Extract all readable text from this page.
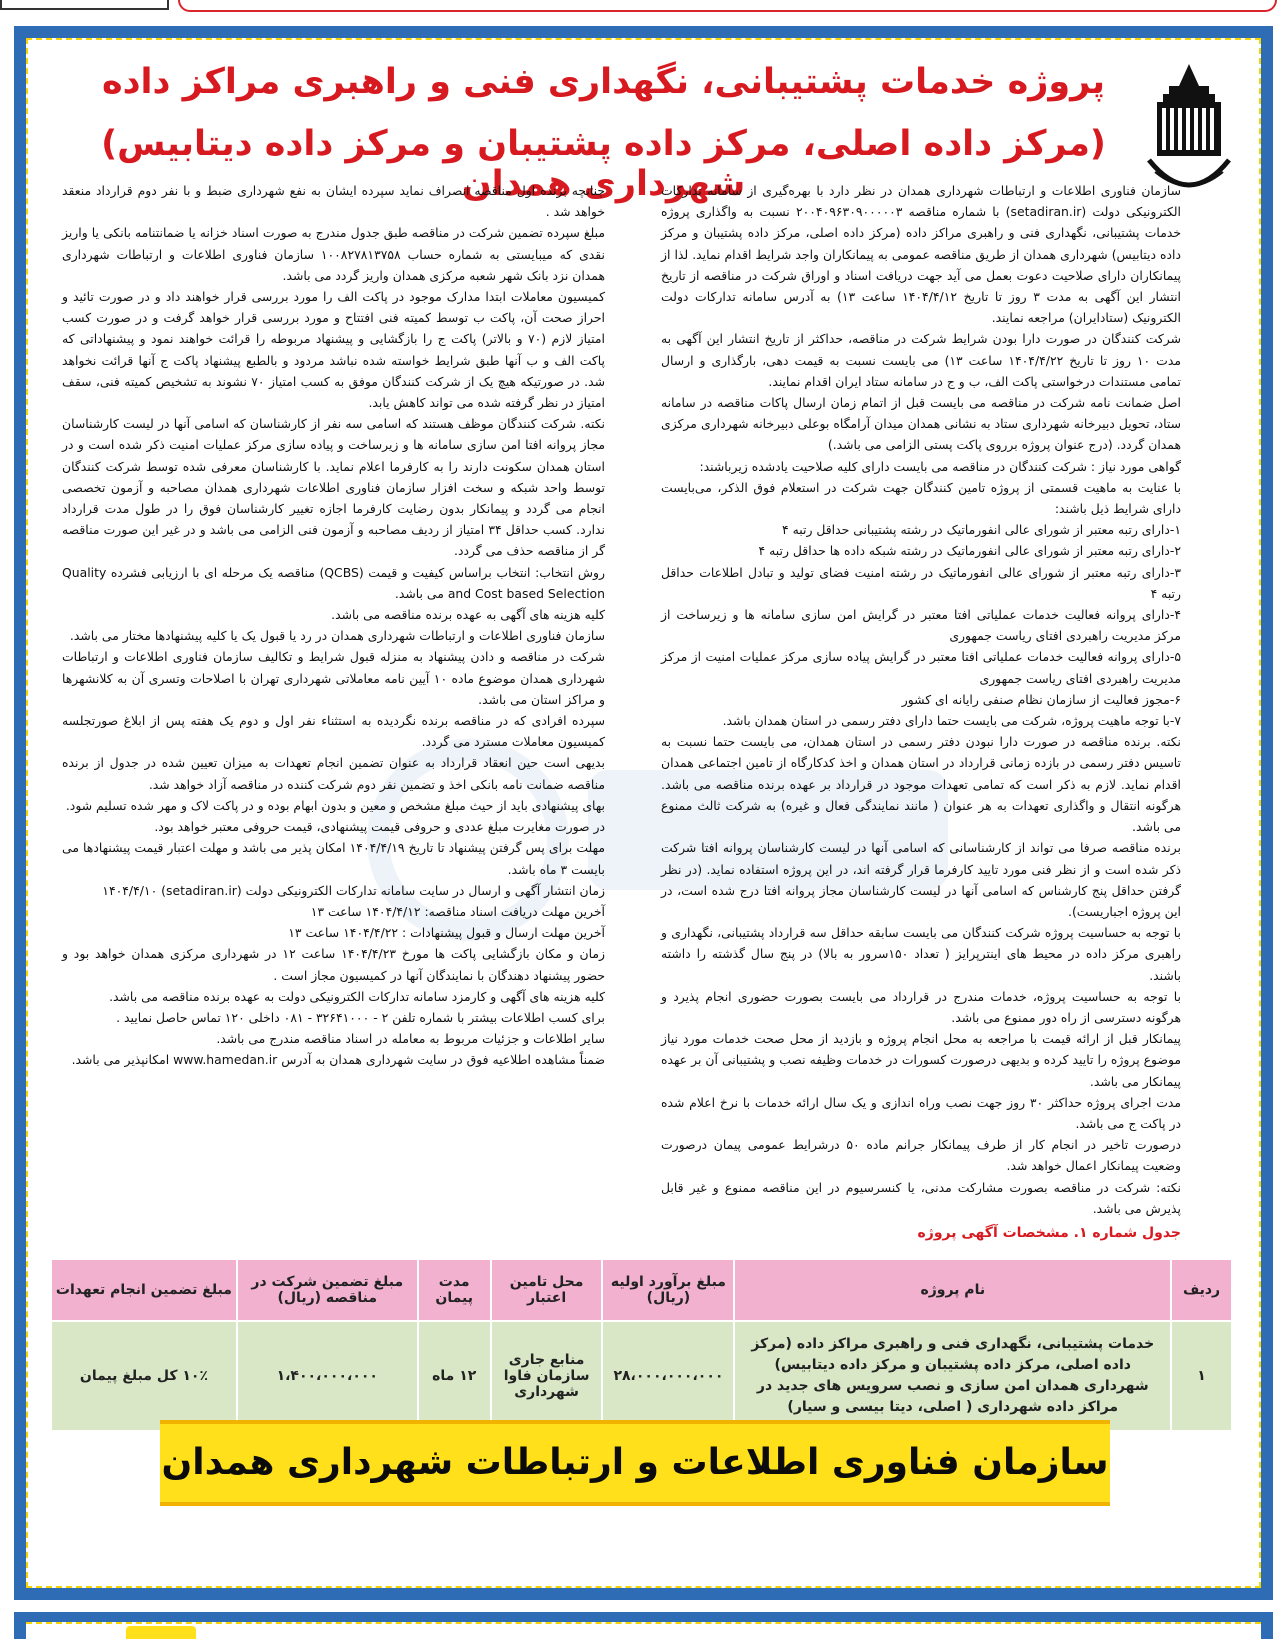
پروژه خدمات پشتیبانی، نگهداری فنی و راهبری مراکز داده
(مرکز داده اصلی، مرکز داده پشتیبان و مرکز داده دیتابیس) شهرداری همدان

سازمان فناوری اطلاعات و ارتباطات شهرداری همدان در نظر دارد با بهره‌گیری از سامانه تدارکات الکترونیکی دولت (setadiran.ir) با شماره مناقصه ۲۰۰۴۰۹۶۳۰۹۰۰۰۰۰۳ نسبت به واگذاری پروژه خدمات پشتیبانی، نگهداری فنی و راهبری مراکز داده (مرکز داده اصلی، مرکز داده پشتیبان و مرکز داده دیتابیس) شهرداری همدان از طریق مناقصه عمومی به پیمانکاران واجد شرایط اقدام نماید. لذا از پیمانکاران دارای صلاحیت دعوت بعمل می آید جهت دریافت اسناد و اوراق شرکت در مناقصه از تاریخ انتشار این آگهی به مدت ۳ روز تا تاریخ ۱۴۰۴/۴/۱۲ ساعت ۱۳) به آدرس سامانه تدارکات دولت الکترونیک (ستادایران) مراجعه نمایند.

شرکت کنندگان در صورت دارا بودن شرایط شرکت در مناقصه، حداکثر از تاریخ انتشار این آگهی به مدت ۱۰ روز تا تاریخ ۱۴۰۴/۴/۲۲ ساعت ۱۳) می بایست نسبت به قیمت دهی، بارگذاری و ارسال تمامی مستندات درخواستی پاکت الف، ب و ج در سامانه ستاد ایران اقدام نمایند.

اصل ضمانت نامه شرکت در مناقصه می بایست قبل از اتمام زمان ارسال پاکات مناقصه در سامانه ستاد، تحویل دبیرخانه شهرداری ستاد به نشانی همدان میدان آرامگاه بوعلی دبیرخانه شهرداری مرکزی همدان گردد. (درج عنوان پروژه برروی پاکت پستی الزامی می باشد.)

گواهی مورد نیاز : شرکت کنندگان در مناقصه می بایست دارای کلیه صلاحیت یادشده زیرباشند:

با عنایت به ماهیت قسمتی از پروژه تامین کنندگان جهت شرکت در استعلام فوق الذکر، می‌بایست دارای شرایط ذیل باشند:

۱-دارای رتبه معتبر از شورای عالی انفورماتیک در رشته پشتیبانی حداقل رتبه ۴

۲-دارای رتبه معتبر از شورای عالی انفورماتیک در رشته شبکه داده ها حداقل رتبه ۴

۳-دارای رتبه معتبر از شورای عالی انفورماتیک در رشته امنیت فضای تولید و تبادل اطلاعات حداقل رتبه ۴

۴-دارای پروانه فعالیت خدمات عملیاتی افتا معتبر در گرایش امن سازی سامانه ها و زیرساخت از مرکز مدیریت راهبردی افتای ریاست جمهوری

۵-دارای پروانه فعالیت خدمات عملیاتی افتا معتبر در گرایش پیاده سازی مرکز عملیات امنیت از مرکز مدیریت راهبردی افتای ریاست جمهوری

۶-مجوز فعالیت از سازمان نظام صنفی رایانه ای کشور

۷-با توجه ماهیت پروژه، شرکت می بایست حتما دارای دفتر رسمی در استان همدان باشد.

نکته. برنده مناقصه در صورت دارا نبودن دفتر رسمی در استان همدان، می بایست حتما نسبت به تاسیس دفتر رسمی در بازده زمانی قرارداد در استان همدان و اخذ کدکارگاه از تامین اجتماعی همدان اقدام نماید. لازم به ذکر است که تمامی تعهدات موجود در قرارداد بر عهده برنده مناقصه می باشد. هرگونه انتقال و واگذاری تعهدات به هر عنوان ( مانند نمایندگی فعال و غیره) به شرکت ثالث ممنوع می باشد.

برنده مناقصه صرفا می تواند از کارشناسانی که اسامی آنها در لیست کارشناسان پروانه افتا شرکت ذکر شده است و از نظر فنی مورد تایید کارفرما قرار گرفته اند، در این پروژه استفاده نماید. (در نظر گرفتن حداقل پنج کارشناس که اسامی آنها در لیست کارشناسان مجاز پروانه افتا درج شده است، در این پروژه اجباریست).

با توجه به حساسیت پروژه شرکت کنندگان می بایست سابقه حداقل سه قرارداد پشتیبانی، نگهداری و راهبری مرکز داده در محیط های اینترپرایز ( تعداد ۱۵۰سرور به بالا) در پنج سال گذشته را داشته باشند.

با توجه به حساسیت پروژه، خدمات مندرج در قرارداد می بایست بصورت حضوری انجام پذیرد و هرگونه دسترسی از راه دور ممنوع می باشد.

پیمانکار قبل از ارائه قیمت با مراجعه به محل انجام پروژه و بازدید از محل صحت خدمات مورد نیاز موضوع پروژه را تایید کرده و بدیهی درصورت کسورات در خدمات وظیفه نصب و پشتیبانی آن بر عهده پیمانکار می باشد.

مدت اجرای پروژه حداکثر ۳۰ روز جهت نصب وراه اندازی و یک سال ارائه خدمات با نرخ اعلام شده در پاکت ج می باشد.

درصورت تاخیر در انجام کار از طرف پیمانکار جرانم ماده ۵۰ درشرایط عمومی پیمان درصورت وضعیت پیمانکار اعمال خواهد شد.

نکته: شرکت در مناقصه بصورت مشارکت مدنی، یا کنسرسیوم در این مناقصه ممنوع و غیر قابل پذیرش می باشد.

جدول شماره ۱. مشخصات آگهی پروژه

چنانچه برنده اول مناقصه انصراف نماید سپرده ایشان به نفع شهرداری ضبط و با نفر دوم قرارداد منعقد خواهد شد .

مبلغ سپرده تضمین شرکت در مناقصه طبق جدول مندرج به صورت اسناد خزانه یا ضمانتنامه بانکی یا واریز نقدی که میبایستی به شماره حساب ۱۰۰۸۲۷۸۱۳۷۵۸ سازمان فناوری اطلاعات و ارتباطات شهرداری همدان نزد بانک شهر شعبه مرکزی همدان واریز گردد می باشد.

کمیسیون معاملات ابتدا مدارک موجود در پاکت الف را مورد بررسی قرار خواهند داد و در صورت تائید و احراز صحت آن، پاکت ب توسط کمیته فنی افتتاح و مورد بررسی قرار خواهد گرفت و در صورت کسب امتیاز لازم (۷۰ و بالاتر) پاکت ج را بازگشایی و پیشنهاد مربوطه را قرائت خواهند نمود و پیشنهاداتی که پاکت الف و ب آنها طبق شرایط خواسته شده نباشد مردود و بالطبع پیشنهاد پاکت ج آنها قرائت نخواهد شد. در صورتیکه هیچ یک از شرکت کنندگان موفق به کسب امتیاز ۷۰ نشوند به تشخیص کمیته فنی، سقف امتیاز در نظر گرفته شده می تواند کاهش یابد.

نکته. شرکت کنندگان موظف هستند که اسامی سه نفر از کارشناسان که اسامی آنها در لیست کارشناسان مجاز پروانه افتا امن سازی سامانه ها و زیرساخت و پیاده سازی مرکز عملیات امنیت ذکر شده است و در استان همدان سکونت دارند را به کارفرما اعلام نماید. با کارشناسان معرفی شده توسط شرکت کنندگان توسط واحد شبکه و سخت افزار سازمان فناوری اطلاعات شهرداری همدان مصاحبه و آزمون تخصصی انجام می گردد و پیمانکار بدون رضایت کارفرما اجازه تغییر کارشناسان فوق را در طول مدت قرارداد ندارد. کسب حداقل ۳۴ امتیاز از ردیف مصاحبه و آزمون فنی الزامی می باشد و در غیر این صورت مناقصه گر از مناقصه حذف می گردد.

روش انتخاب: انتخاب براساس کیفیت و قیمت (QCBS) مناقصه یک مرحله ای با ارزیابی فشرده Quality and Cost based Selection می باشد.

کلیه هزینه های آگهی به عهده برنده مناقصه می باشد.

سازمان فناوری اطلاعات و ارتباطات شهرداری همدان در رد یا قبول یک یا کلیه پیشنهادها مختار می باشد.

شرکت در مناقصه و دادن پیشنهاد به منزله قبول شرایط و تکالیف سازمان فناوری اطلاعات و ارتباطات شهرداری همدان موضوع ماده ۱۰ آیین نامه معاملاتی شهرداری تهران با اصلاحات وتسری آن به کلانشهرها و مراکز استان می باشد.

سپرده افرادی که در مناقصه برنده نگردیده به استثناء نفر اول و دوم یک هفته پس از ابلاغ صورتجلسه کمیسیون معاملات مسترد می گردد.

بدیهی است حین انعقاد قرارداد به عنوان تضمین انجام تعهدات به میزان تعیین شده در جدول از برنده مناقصه ضمانت نامه بانکی اخذ و تضمین نفر دوم شرکت کننده در مناقصه آزاد خواهد شد.

بهای پیشنهادی باید از حیث مبلغ مشخص و معین و بدون ابهام بوده و در پاکت لاک و مهر شده تسلیم شود.

در صورت مغایرت مبلغ عددی و حروفی قیمت پیشنهادی، قیمت حروفی معتبر خواهد بود.

مهلت برای پس گرفتن پیشنهاد تا تاریخ ۱۴۰۴/۴/۱۹ امکان پذیر می باشد و مهلت اعتبار قیمت پیشنهادها می بایست ۳ ماه باشد.

زمان انتشار آگهی و ارسال در سایت سامانه تدارکات الکترونیکی دولت (setadiran.ir) ۱۴۰۴/۴/۱۰

آخرین مهلت دریافت اسناد مناقصه: ۱۴۰۴/۴/۱۲ ساعت ۱۳

آخرین مهلت ارسال و قبول پیشنهادات : ۱۴۰۴/۴/۲۲ ساعت ۱۳

زمان و مکان بازگشایی پاکت ها مورخ ۱۴۰۴/۴/۲۳ ساعت ۱۲ در شهرداری مرکزی همدان خواهد بود و حضور پیشنهاد دهندگان با نمایندگان آنها در کمیسیون مجاز است .

کلیه هزینه های آگهی و کارمزد سامانه تدارکات الکترونیکی دولت به عهده برنده مناقصه می باشد.

برای کسب اطلاعات بیشتر با شماره تلفن ۲ - ۳۲۶۴۱۰۰۰ - ۰۸۱ داخلی ۱۲۰ تماس حاصل نمایید .

سایر اطلاعات و جزئیات مربوط به معامله در اسناد مناقصه مندرج می باشد.

ضمناً مشاهده اطلاعیه فوق در سایت شهرداری همدان به آدرس www.hamedan.ir امکانپذیر می باشد.

ردیف	نام پروژه	مبلغ برآورد اولیه (ریال)	محل تامین اعتبار	مدت پیمان	مبلغ تضمین شرکت در مناقصه (ریال)	مبلغ تضمین انجام تعهدات
۱	خدمات پشتیبانی، نگهداری فنی و راهبری مراکز داده (مرکز داده اصلی، مرکز داده پشتیبان و مرکز داده دیتابیس) شهرداری همدان امن سازی و نصب سرویس های جدید در مراکز داده شهرداری ( اصلی، دیتا بیسی و سیار)	۲۸،۰۰۰،۰۰۰،۰۰۰	منابع جاری سازمان فاوا شهرداری	۱۲ ماه	۱،۴۰۰،۰۰۰،۰۰۰	۱۰٪ کل مبلغ پیمان
سازمان فناوری اطلاعات و ارتباطات شهرداری همدان
